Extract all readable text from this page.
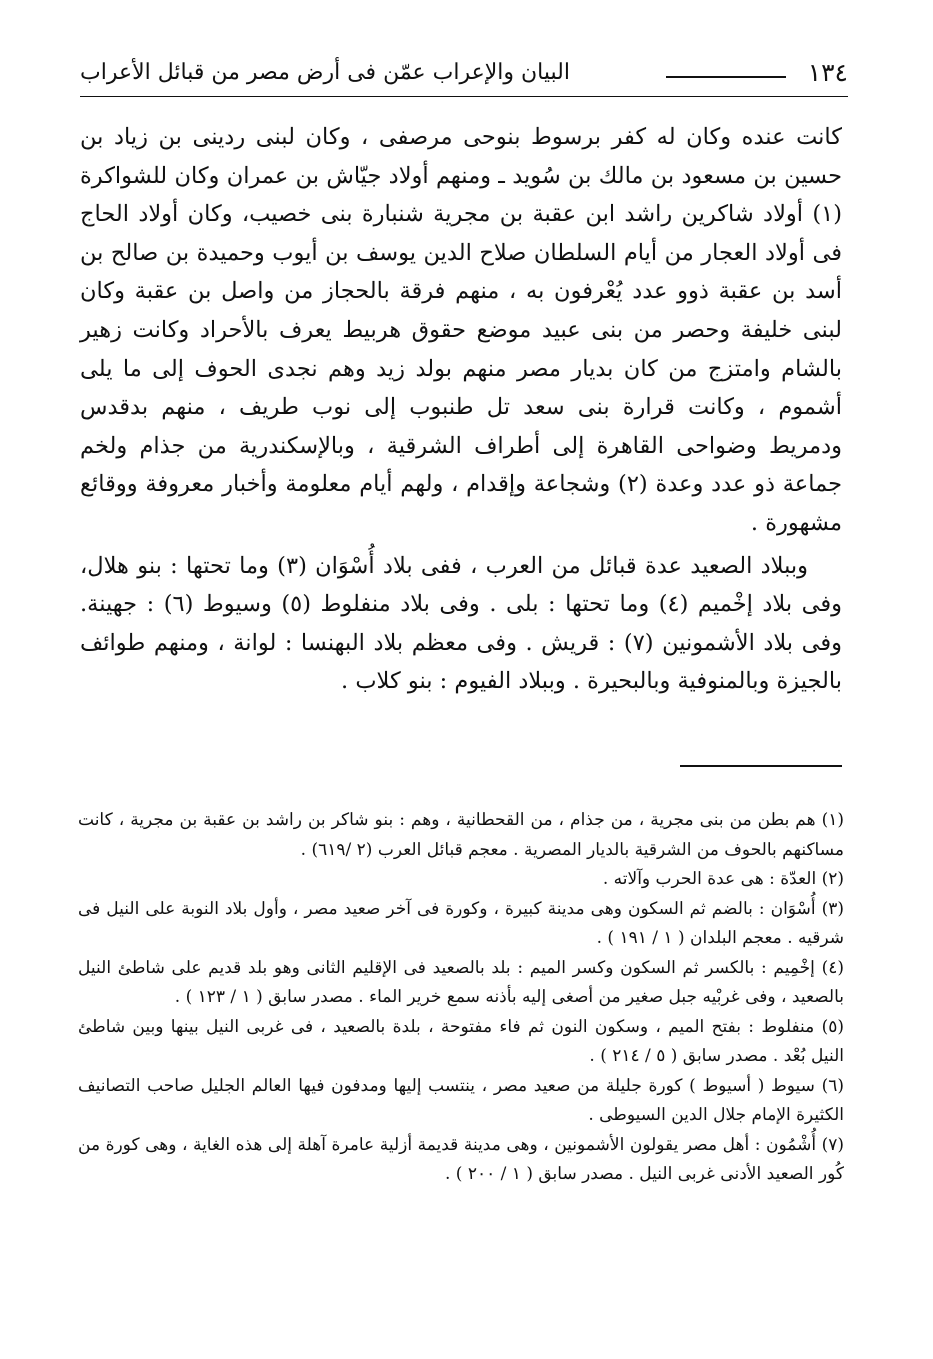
١٣٤
البيان والإعراب عمّن فى أرض مصر من قبائل الأعراب

كانت عنده وكان له كفر برسوط بنوحى مرصفى ، وكان لبنى ردينى بن زياد بن حسين بن مسعود بن مالك بن سُويد ـ ومنهم أولاد جيّاش بن عمران وكان للشواكرة (١) أولاد شاكرين راشد ابن عقبة بن مجرية شنبارة بنى خصيب، وكان أولاد الحاج فى أولاد العجار من أيام السلطان صلاح الدين يوسف بن أيوب وحميدة بن صالح بن أسد بن عقبة ذوو عدد يُعْرفون به ، منهم فرقة بالحجاز من واصل بن عقبة وكان لبنى خليفة وحصر من بنى عبيد موضع حقوق هربيط يعرف بالأحراد وكانت زهير بالشام وامتزج من كان بديار مصر منهم بولد زيد وهم نجدى الحوف إلى ما يلى أشموم ، وكانت قرارة بنى سعد تل طنبوب إلى نوب طريف ، منهم بدقدس ودمريط وضواحى القاهرة إلى أطراف الشرقية ، وبالإسكندرية من جذام ولخم جماعة ذو عدد وعدة (٢) وشجاعة وإقدام ، ولهم أيام معلومة وأخبار معروفة ووقائع مشهورة .

وببلاد الصعيد عدة قبائل من العرب ، ففى بلاد أُسْوَان (٣) وما تحتها : بنو هلال، وفى بلاد إخْميم (٤) وما تحتها : بلى . وفى بلاد منفلوط (٥) وسيوط (٦) : جهينة. وفى بلاد الأشمونين (٧) : قريش . وفى معظم بلاد البهنسا : لوانة ، ومنهم طوائف بالجيزة وبالمنوفية وبالبحيرة . وببلاد الفيوم : بنو كلاب .

(١) هم بطن من بنى مجرية ، من جذام ، من القحطانية ، وهم : بنو شاكر بن راشد بن عقبة بن مجرية ، كانت مساكنهم بالحوف من الشرقية بالديار المصرية . معجم قبائل العرب (٢ /٦١٩) .

(٢) العدّة : هى عدة الحرب وآلاته .

(٣) أُسْوَان : بالضم ثم السكون وهى مدينة كبيرة ، وكورة فى آخر صعيد مصر ، وأول بلاد النوبة على النيل فى شرقيه . معجم البلدان ( ١ / ١٩١ ) .

(٤) إخْمِيم : بالكسر ثم السكون وكسر الميم : بلد بالصعيد فى الإقليم الثانى وهو بلد قديم على شاطئ النيل بالصعيد ، وفى غربْيه جبل صغير من أصغى إليه بأذنه سمع خرير الماء . مصدر سابق ( ١ / ١٢٣ ) .

(٥) منفلوط : بفتح الميم ، وسكون النون ثم فاء مفتوحة ، بلدة بالصعيد ، فى غربى النيل بينها وبين شاطئ النيل بُعْد . مصدر سابق ( ٥ / ٢١٤ ) .

(٦) سيوط ( أسيوط ) كورة جليلة من صعيد مصر ، ينتسب إليها ومدفون فيها العالم الجليل صاحب التصانيف الكثيرة الإمام جلال الدين السيوطى .

(٧) أُشْمُون : أهل مصر يقولون الأشمونين ، وهى مدينة قديمة أزلية عامرة آهلة إلى هذه الغاية ، وهى كورة من كُور الصعيد الأدنى غربى النيل . مصدر سابق ( ١ / ٢٠٠ ) .
